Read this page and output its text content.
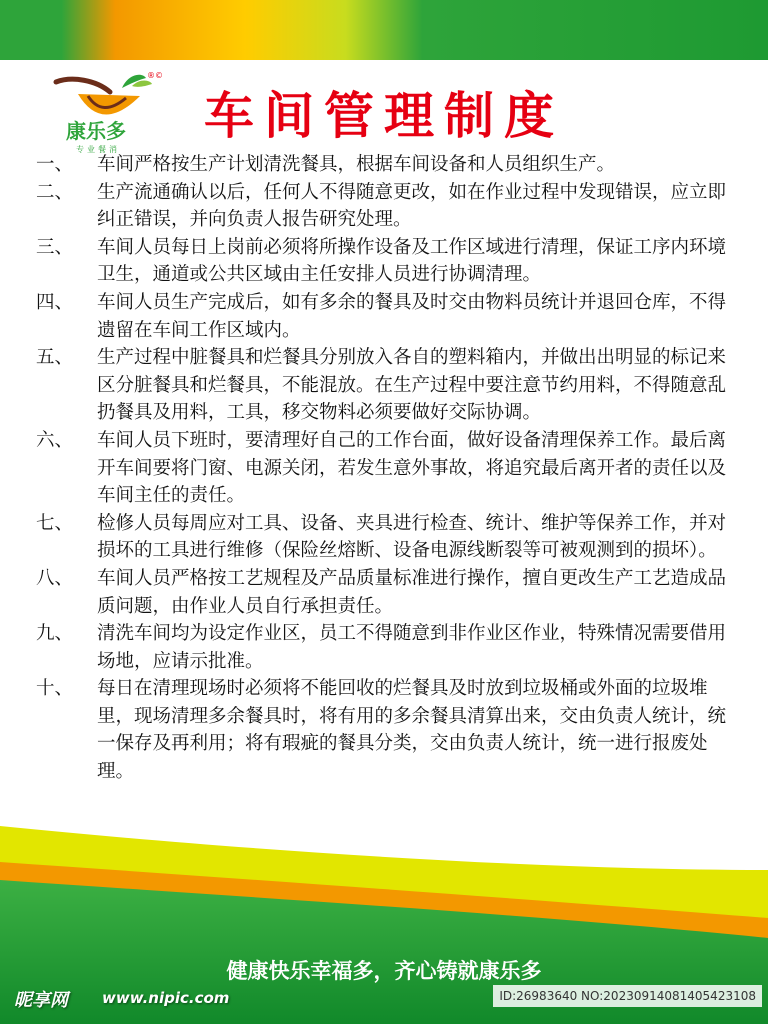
®©
康乐多
专业餐消
车间管理制度
一、	车间严格按生产计划清洗餐具，根据车间设备和人员组织生产。
二、	生产流通确认以后，任何人不得随意更改，如在作业过程中发现错误，应立即纠正错误，并向负责人报告研究处理。
三、	车间人员每日上岗前必须将所操作设备及工作区域进行清理，保证工序内环境卫生，通道或公共区域由主任安排人员进行协调清理。
四、	车间人员生产完成后，如有多余的餐具及时交由物料员统计并退回仓库，不得遗留在车间工作区域内。
五、	生产过程中脏餐具和烂餐具分别放入各自的塑料箱内，并做出出明显的标记来区分脏餐具和烂餐具，不能混放。在生产过程中要注意节约用料，不得随意乱扔餐具及用料，工具，移交物料必须要做好交际协调。
六、	车间人员下班时，要清理好自己的工作台面，做好设备清理保养工作。最后离开车间要将门窗、电源关闭，若发生意外事故，将追究最后离开者的责任以及车间主任的责任。
七、	检修人员每周应对工具、设备、夹具进行检查、统计、维护等保养工作，并对损坏的工具进行维修（保险丝熔断、设备电源线断裂等可被观测到的损坏）。
八、	车间人员严格按工艺规程及产品质量标准进行操作，擅自更改生产工艺造成品质问题，由作业人员自行承担责任。
九、	清洗车间均为设定作业区，员工不得随意到非作业区作业，特殊情况需要借用场地，应请示批准。
十、	每日在清理现场时必须将不能回收的烂餐具及时放到垃圾桶或外面的垃圾堆里，现场清理多余餐具时，将有用的多余餐具清算出来，交由负责人统计，统一保存及再利用；将有瑕疵的餐具分类，交由负责人统计，统一进行报废处理。
健康快乐幸福多，齐心铸就康乐多
昵享网 www.nipic.com	ID:26983640 NO:20230914081405423108
